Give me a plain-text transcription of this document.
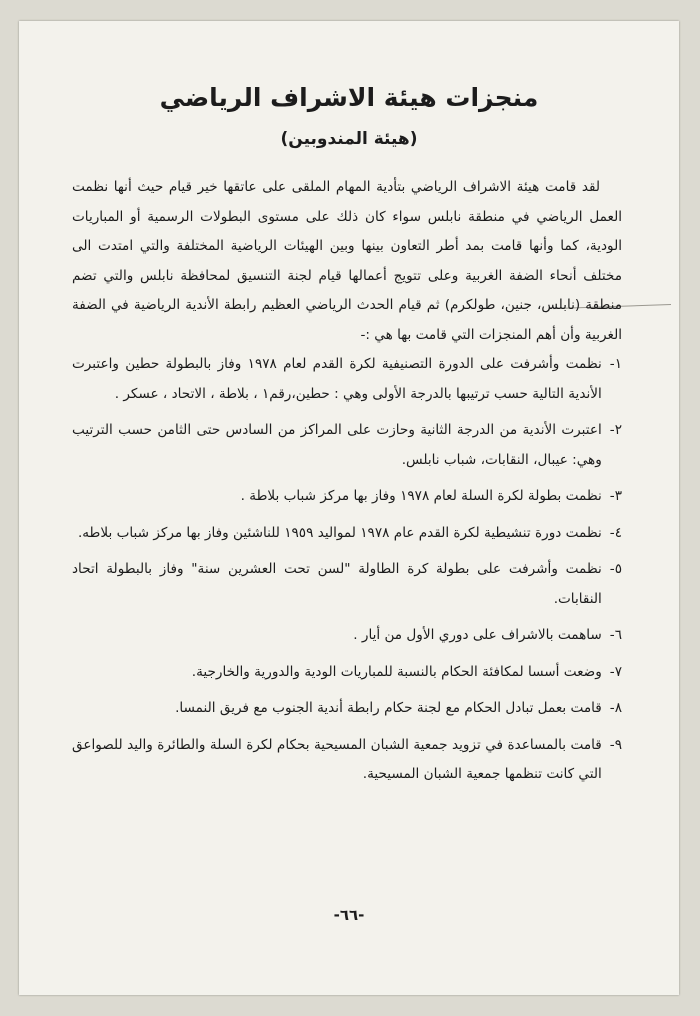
منجزات هيئة الاشراف الرياضي
(هيئة المندوبين)

لقد قامت هيئة الاشراف الرياضي بتأدية المهام الملقى على عاتقها خير قيام حيث أنها نظمت العمل الرياضي في منطقة نابلس سواء كان ذلك على مستوى البطولات الرسمية أو المباريات الودية، كما وأنها قامت بمد أطر التعاون بينها وبين الهيئات الرياضية المختلفة والتي امتدت الى مختلف أنحاء الضفة الغربية وعلى تتويج أعمالها قيام لجنة التنسيق لمحافظة نابلس والتي تضم منطقة (نابلس، جنين، طولكرم) ثم قيام الحدث الرياضي العظيم رابطة الأندية الرياضية في الضفة الغربية وأن أهم المنجزات التي قامت بها هي :-

١-
نظمت وأشرفت على الدورة التصنيفية لكرة القدم لعام ١٩٧٨ وفاز بالبطولة حطين واعتبرت الأندية التالية حسب ترتيبها بالدرجة الأولى وهي : حطين،رقم١ ، بلاطة ، الاتحاد ، عسكر .
٢-
اعتبرت الأندية من الدرجة الثانية وحازت على المراكز من السادس حتى الثامن حسب الترتيب وهي: عيبال، النقابات، شباب نابلس.
٣-
نظمت بطولة لكرة السلة لعام ١٩٧٨ وفاز بها مركز شباب بلاطة .
٤-
نظمت دورة تنشيطية لكرة القدم عام ١٩٧٨ لمواليد ١٩٥٩ للناشئين وفاز بها مركز شباب بلاطه.
٥-
نظمت وأشرفت على بطولة كرة الطاولة "لسن تحت العشرين سنة" وفاز بالبطولة اتحاد النقابات.
٦-
ساهمت بالاشراف على دوري الأول من أيار .
٧-
وضعت أسسا لمكافئة الحكام بالنسبة للمباريات الودية والدورية والخارجية.
٨-
قامت بعمل تبادل الحكام مع لجنة حكام رابطة أندية الجنوب مع فريق النمسا.
٩-
قامت بالمساعدة في تزويد جمعية الشبان المسيحية بحكام لكرة السلة والطائرة واليد للصواعق التي كانت تنظمها جمعية الشبان المسيحية.

-٦٦-
